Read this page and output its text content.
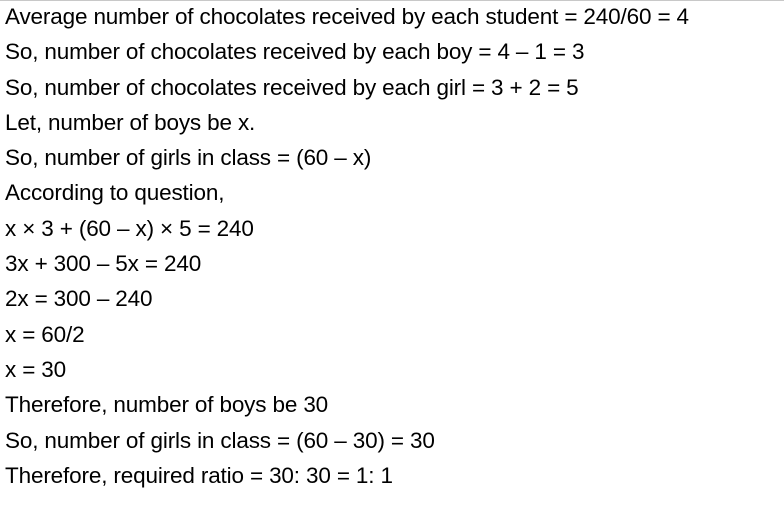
Average number of chocolates received by each student = 240/60 = 4
So, number of chocolates received by each boy = 4 – 1 = 3
So, number of chocolates received by each girl = 3 + 2 = 5
Let, number of boys be x.
So, number of girls in class = (60 – x)
According to question,
x × 3 + (60 – x) × 5 = 240
3x + 300 – 5x = 240
2x = 300 – 240
x = 60/2
x = 30
Therefore, number of boys be 30
So, number of girls in class = (60 – 30) = 30
Therefore, required ratio = 30: 30 = 1: 1
